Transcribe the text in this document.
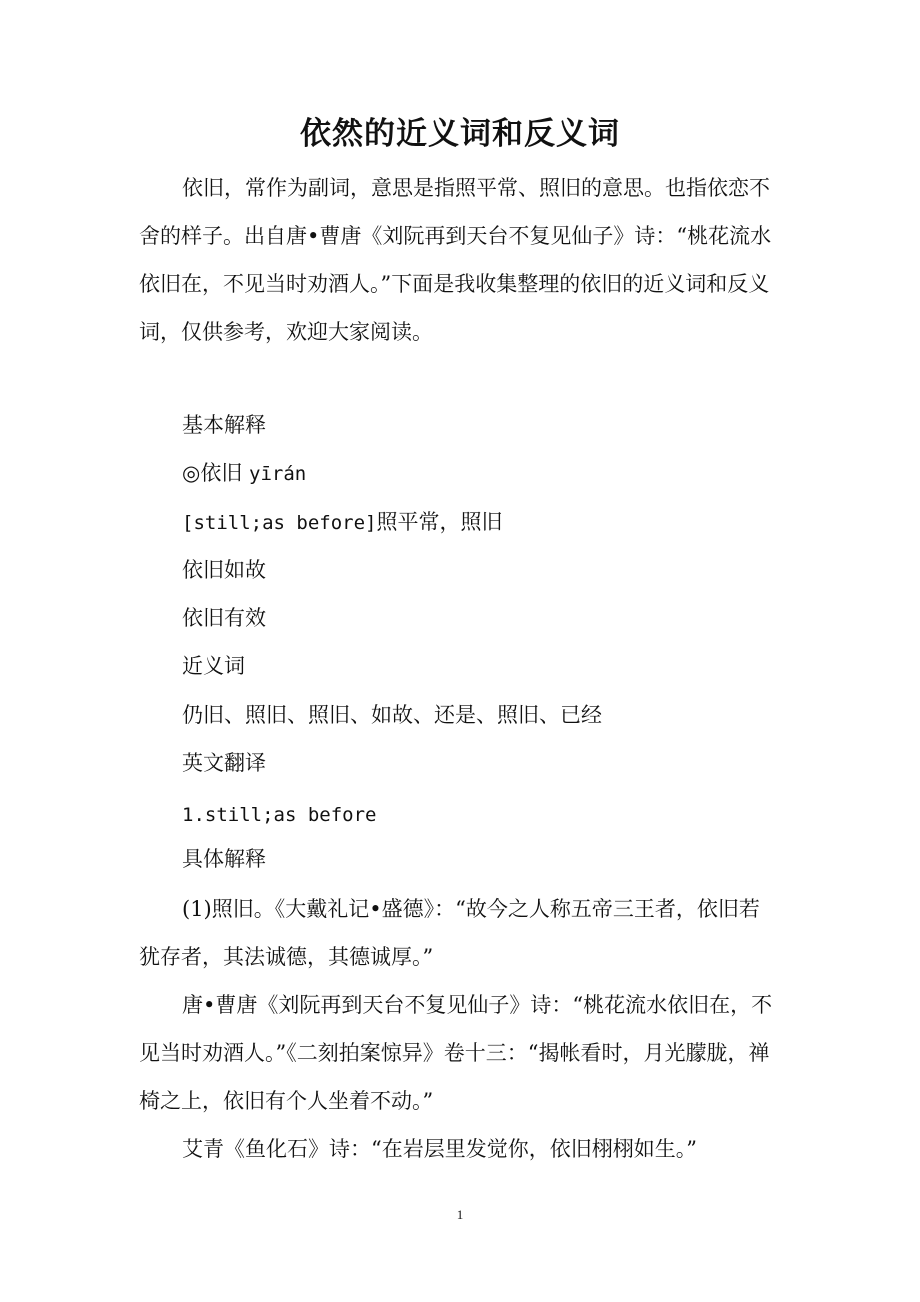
依然的近义词和反义词

依旧，常作为副词，意思是指照平常、照旧的意思。也指依恋不舍的样子。出自唐•曹唐《刘阮再到天台不复见仙子》诗：“桃花流水依旧在，不见当时劝酒人。”下面是我收集整理的依旧的近义词和反义词，仅供参考，欢迎大家阅读。

基本解释

◎依旧 yīrán

[still;as before]照平常，照旧

依旧如故

依旧有效

近义词

仍旧、照旧、照旧、如故、还是、照旧、已经

英文翻译

1.still;as before

具体解释

(1)照旧。《大戴礼记•盛德》：“故今之人称五帝三王者，依旧若犹存者，其法诚德，其德诚厚。”

唐•曹唐《刘阮再到天台不复见仙子》诗：“桃花流水依旧在，不见当时劝酒人。”《二刻拍案惊异》卷十三：“揭帐看时，月光朦胧，禅椅之上，依旧有个人坐着不动。”

艾青《鱼化石》诗：“在岩层里发觉你，依旧栩栩如生。”

1
